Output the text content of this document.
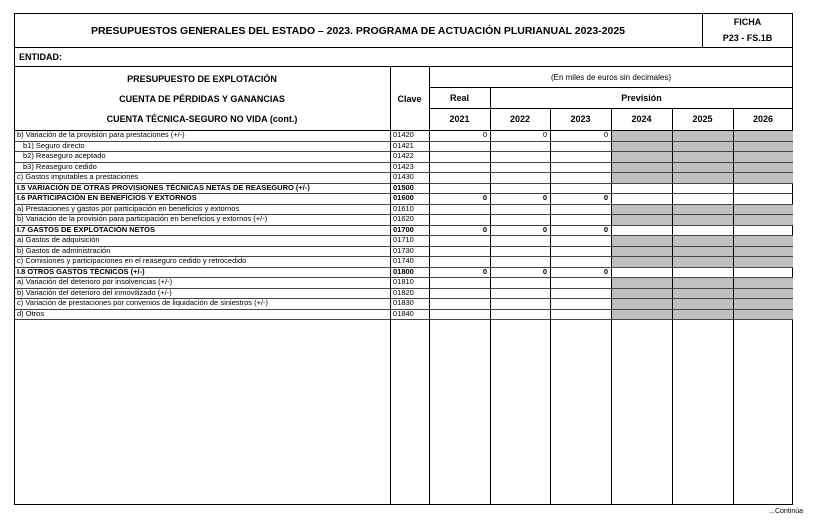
PRESUPUESTOS GENERALES DEL ESTADO – 2023. PROGRAMA DE ACTUACIÓN PLURIANUAL 2023-2025
FICHA
P23 - FS.1B
ENTIDAD:
PRESUPUESTO DE EXPLOTACIÓN
CUENTA DE PÉRDIDAS Y GANANCIAS
CUENTA TÉCNICA-SEGURO NO VIDA (cont.)
Clave
(En miles de euros sin decimales)
Real	Previsión
2021	2022	2023	2024	2025	2026
b) Variación de la provisión para prestaciones (+/-)	01420	0	0	0
b1) Seguro directo	01421
b2) Reaseguro aceptado	01422
b3) Reaseguro cedido	01423
c) Gastos imputables a prestaciones	01430
I.5 VARIACIÓN DE OTRAS PROVISIONES TÉCNICAS NETAS DE REASEGURO (+/-)	01500
I.6 PARTICIPACIÓN EN BENEFICIOS Y EXTORNOS	01600	0	0	0
a) Prestaciones y gastos por participación en beneficios y extornos	01610
b) Variación de la provisión para participación en beneficios y extornos (+/-)	01620
I.7 GASTOS DE EXPLOTACIÓN NETOS	01700	0	0	0
a) Gastos de adquisición	01710
b) Gastos de administración	01730
c) Comisiones y participaciones en el reaseguro cedido y retrocedido	01740
I.8 OTROS GASTOS TÉCNICOS (+/-)	01800	0	0	0
a) Variación del deterioro por insolvencias (+/-)	01810
b) Variación del deterioro del inmovilizado (+/-)	01820
c) Variación de prestaciones por convenios de liquidación de siniestros (+/-)	01830
d) Otros	01840
...Continúa
